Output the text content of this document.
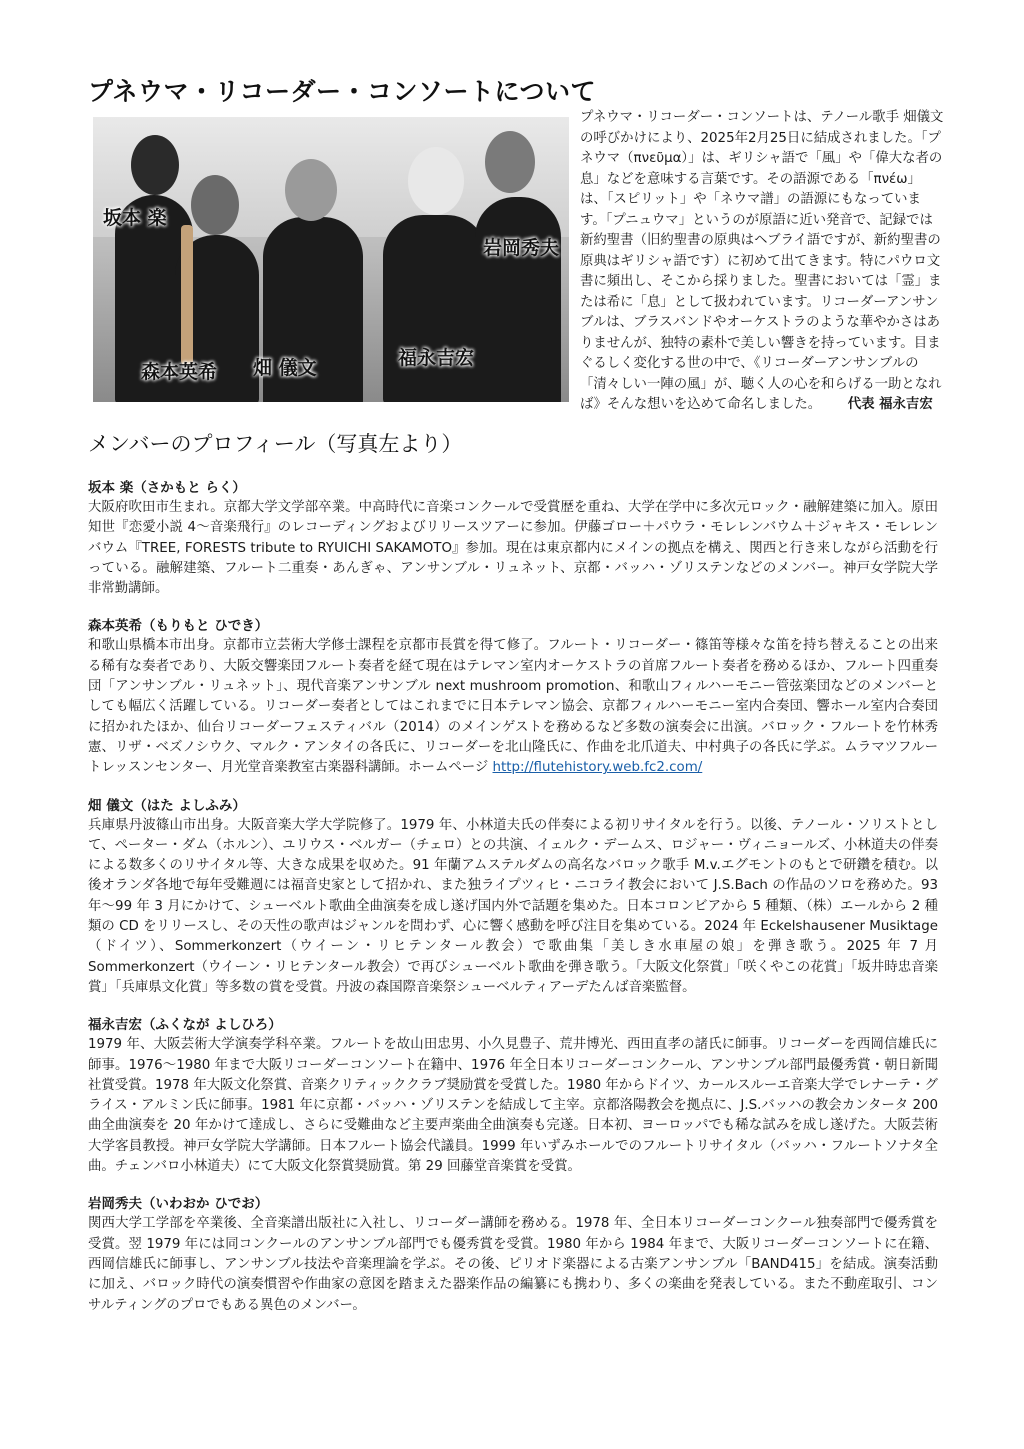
プネウマ・リコーダー・コンソートについて
坂本 楽
岩岡秀夫
森本英希 畑 儀文	福永吉宏
プネウマ・リコーダー・コンソートは、テノール歌手 畑儀文の呼びかけにより、2025年2月25日に結成されました。「プネウマ（πνεῦμα）」は、ギリシャ語で「風」や「偉大な者の息」などを意味する言葉です。その語源である「πνέω」は、「スピリット」や「ネウマ譜」の語源にもなっています。「プニュウマ」というのが原語に近い発音で、記録では新約聖書（旧約聖書の原典はヘブライ語ですが、新約聖書の原典はギリシャ語です）に初めて出てきます。特にパウロ文書に頻出し、そこから採りました。聖書においては「霊」または希に「息」として扱われています。リコーダーアンサンブルは、ブラスバンドやオーケストラのような華やかさはありませんが、独特の素朴で美しい響きを持っています。目まぐるしく変化する世の中で、《リコーダーアンサンブルの「清々しい一陣の風」が、聴く人の心を和らげる一助となれば》そんな想いを込めて命名しました。 代表 福永吉宏
メンバーのプロフィール（写真左より）
坂本 楽（さかもと らく）
大阪府吹田市生まれ。京都大学文学部卒業。中高時代に音楽コンクールで受賞歴を重ね、大学在学中に多次元ロック・融解建築に加入。原田知世『恋愛小説 4〜音楽飛行』のレコーディングおよびリリースツアーに参加。伊藤ゴロー＋パウラ・モレレンバウム＋ジャキス・モレレンバウム『TREE, FORESTS tribute to RYUICHI SAKAMOTO』参加。現在は東京都内にメインの拠点を構え、関西と行き来しながら活動を行っている。融解建築、フルート二重奏・あんぎゃ、アンサンブル・リュネット、京都・バッハ・ゾリステンなどのメンバー。神戸女学院大学非常勤講師。
森本英希（もりもと ひでき）
和歌山県橋本市出身。京都市立芸術大学修士課程を京都市長賞を得て修了。フルート・リコーダー・篠笛等様々な笛を持ち替えることの出来る稀有な奏者であり、大阪交響楽団フルート奏者を経て現在はテレマン室内オーケストラの首席フルート奏者を務めるほか、フルート四重奏団「アンサンブル・リュネット」、現代音楽アンサンブル next mushroom promotion、和歌山フィルハーモニー管弦楽団などのメンバーとしても幅広く活躍している。リコーダー奏者としてはこれまでに日本テレマン協会、京都フィルハーモニー室内合奏団、響ホール室内合奏団に招かれたほか、仙台リコーダーフェスティバル（2014）のメインゲストを務めるなど多数の演奏会に出演。バロック・フルートを竹林秀憲、リザ・ベズノシウク、マルク・アンタイの各氏に、リコーダーを北山隆氏に、作曲を北爪道夫、中村典子の各氏に学ぶ。ムラマツフルートレッスンセンター、月光堂音楽教室古楽器科講師。ホームページ http://flutehistory.web.fc2.com/
畑 儀文（はた よしふみ）
兵庫県丹波篠山市出身。大阪音楽大学大学院修了。1979 年、小林道夫氏の伴奏による初リサイタルを行う。以後、テノール・ソリストとして、ペーター・ダム（ホルン）、ユリウス・ベルガー（チェロ）との共演、イェルク・デームス、ロジャー・ヴィニョールズ、小林道夫の伴奏による数多くのリサイタル等、大きな成果を収めた。91 年蘭アムステルダムの高名なバロック歌手 M.v.エグモントのもとで研鑽を積む。以後オランダ各地で毎年受難週には福音史家として招かれ、また独ライプツィヒ・ニコライ教会において J.S.Bach の作品のソロを務めた。93 年〜99 年 3 月にかけて、シューベルト歌曲全曲演奏を成し遂げ国内外で話題を集めた。日本コロンビアから 5 種類、（株）エールから 2 種類の CD をリリースし、その天性の歌声はジャンルを問わず、心に響く感動を呼び注目を集めている。2024 年 Eckelshausener Musiktage（ドイツ）、Sommerkonzert（ウイーン・リヒテンタール教会）で歌曲集「美しき水車屋の娘」を弾き歌う。2025 年 7 月 Sommerkonzert（ウイーン・リヒテンタール教会）で再びシューベルト歌曲を弾き歌う。「大阪文化祭賞」「咲くやこの花賞」「坂井時忠音楽賞」「兵庫県文化賞」等多数の賞を受賞。丹波の森国際音楽祭シューベルティアーデたんば音楽監督。
福永吉宏（ふくなが よしひろ）
1979 年、大阪芸術大学演奏学科卒業。フルートを故山田忠男、小久見豊子、荒井博光、西田直孝の諸氏に師事。リコーダーを西岡信雄氏に師事。1976〜1980 年まで大阪リコーダーコンソート在籍中、1976 年全日本リコーダーコンクール、アンサンブル部門最優秀賞・朝日新聞社賞受賞。1978 年大阪文化祭賞、音楽クリティッククラブ奨励賞を受賞した。1980 年からドイツ、カールスルーエ音楽大学でレナーテ・グライス・アルミン氏に師事。1981 年に京都・バッハ・ゾリステンを結成して主宰。京都洛陽教会を拠点に、J.S.バッハの教会カンタータ 200 曲全曲演奏を 20 年かけて達成し、さらに受難曲など主要声楽曲全曲演奏も完遂。日本初、ヨーロッパでも稀な試みを成し遂げた。大阪芸術大学客員教授。神戸女学院大学講師。日本フルート協会代議員。1999 年いずみホールでのフルートリサイタル（バッハ・フルートソナタ全曲。チェンバロ小林道夫）にて大阪文化祭賞奨励賞。第 29 回藤堂音楽賞を受賞。
岩岡秀夫（いわおか ひでお）
関西大学工学部を卒業後、全音楽譜出版社に入社し、リコーダー講師を務める。1978 年、全日本リコーダーコンクール独奏部門で優秀賞を受賞。翌 1979 年には同コンクールのアンサンブル部門でも優秀賞を受賞。1980 年から 1984 年まで、大阪リコーダーコンソートに在籍、西岡信雄氏に師事し、アンサンブル技法や音楽理論を学ぶ。その後、ピリオド楽器による古楽アンサンブル「BAND415」を結成。演奏活動に加え、バロック時代の演奏慣習や作曲家の意図を踏まえた器楽作品の編纂にも携わり、多くの楽曲を発表している。また不動産取引、コンサルティングのプロでもある異色のメンバー。
